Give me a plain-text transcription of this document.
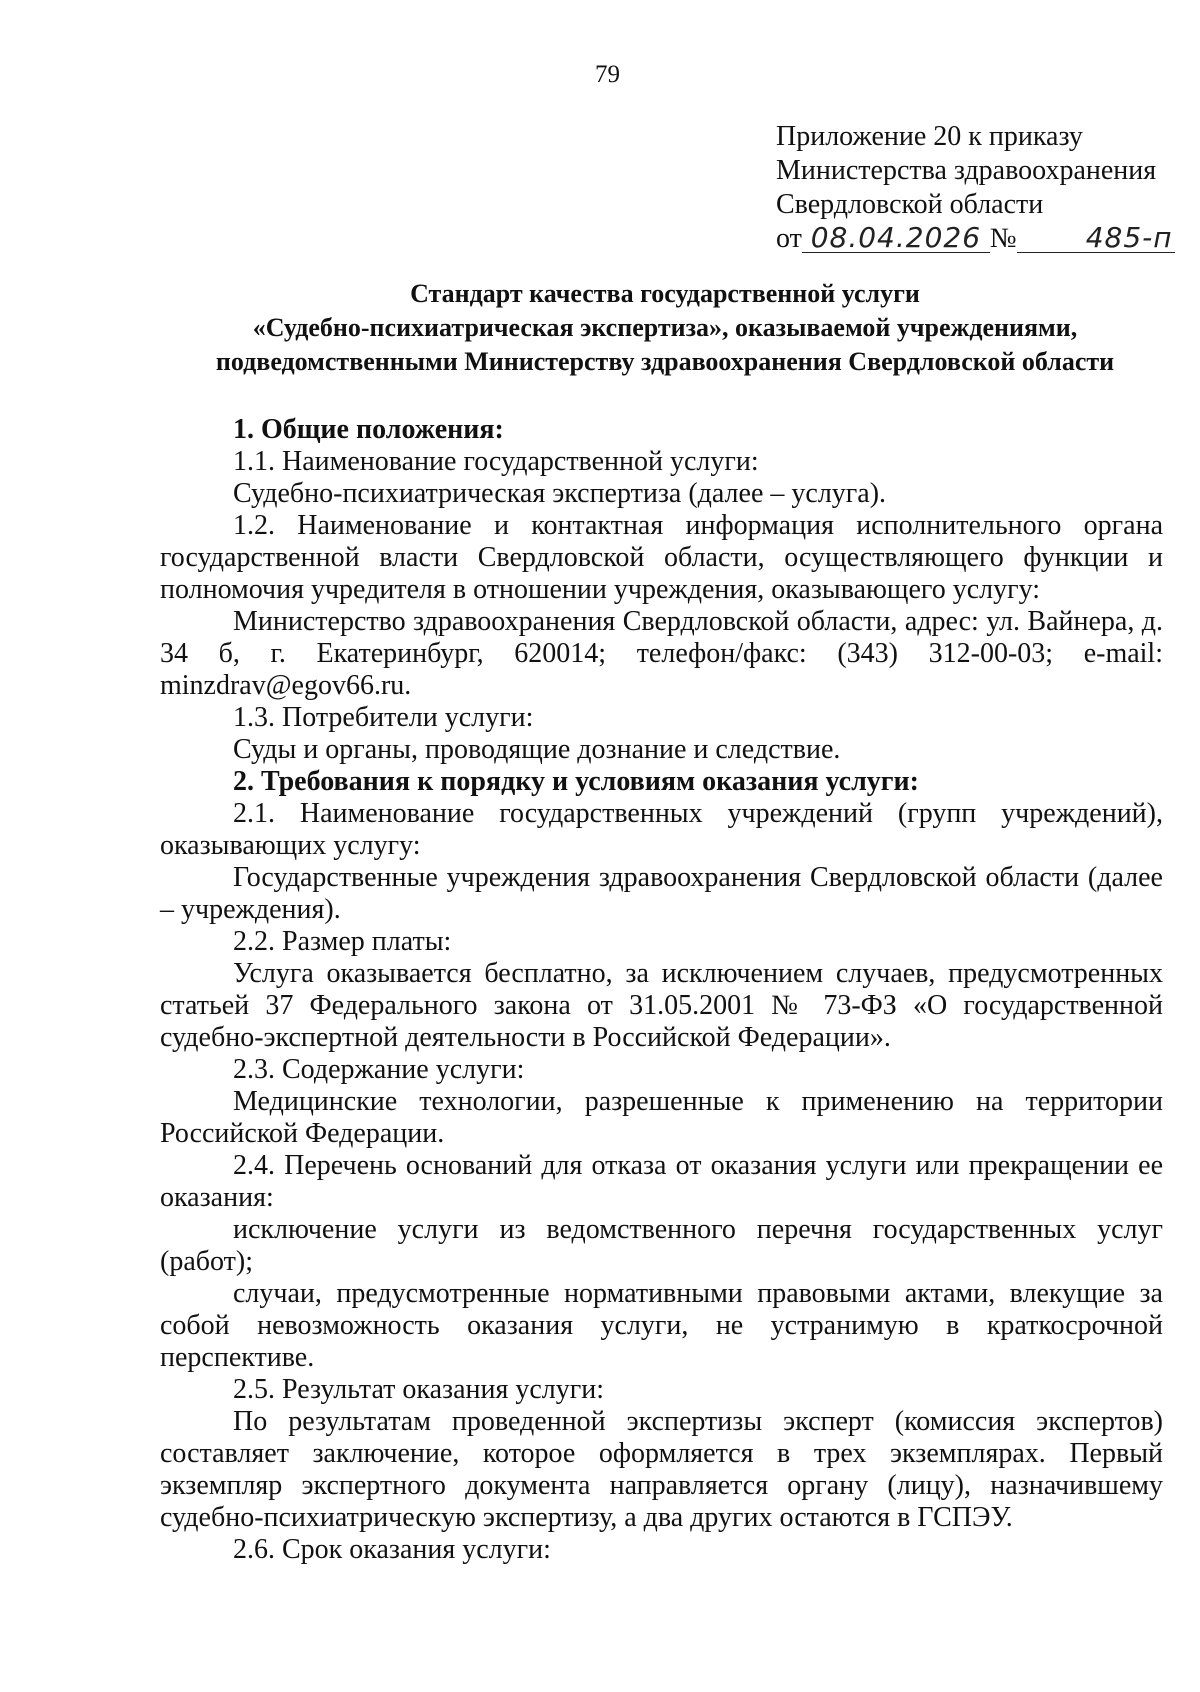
79
Приложение 20 к приказу
Министерства здравоохранения
Свердловской области
от 08.04.2026 № 485-п
Стандарт качества государственной услуги
«Судебно-психиатрическая экспертиза», оказываемой учреждениями,
подведомственными Министерству здравоохранения Свердловской области

1. Общие положения:

1.1. Наименование государственной услуги:

Судебно-психиатрическая экспертиза (далее – услуга).

1.2. Наименование и контактная информация исполнительного органа государственной власти Свердловской области, осуществляющего функции и полномочия учредителя в отношении учреждения, оказывающего услугу:

Министерство здравоохранения Свердловской области, адрес: ул. Вайнера, д. 34 б, г. Екатеринбург, 620014; телефон/факс: (343) 312-00-03; e-mail: minzdrav@egov66.ru.

1.3. Потребители услуги:

Суды и органы, проводящие дознание и следствие.

2. Требования к порядку и условиям оказания услуги:

2.1. Наименование государственных учреждений (групп учреждений), оказывающих услугу:

Государственные учреждения здравоохранения Свердловской области (далее – учреждения).

2.2. Размер платы:

Услуга оказывается бесплатно, за исключением случаев, предусмотренных статьей 37 Федерального закона от 31.05.2001 № 73-ФЗ «О государственной судебно-экспертной деятельности в Российской Федерации».

2.3. Содержание услуги:

Медицинские технологии, разрешенные к применению на территории Российской Федерации.

2.4. Перечень оснований для отказа от оказания услуги или прекращении ее оказания:

исключение услуги из ведомственного перечня государственных услуг (работ);

случаи, предусмотренные нормативными правовыми актами, влекущие за собой невозможность оказания услуги, не устранимую в краткосрочной перспективе.

2.5. Результат оказания услуги:

По результатам проведенной экспертизы эксперт (комиссия экспертов) составляет заключение, которое оформляется в трех экземплярах. Первый экземпляр экспертного документа направляется органу (лицу), назначившему судебно-психиатрическую экспертизу, а два других остаются в ГСПЭУ.

2.6. Срок оказания услуги:
